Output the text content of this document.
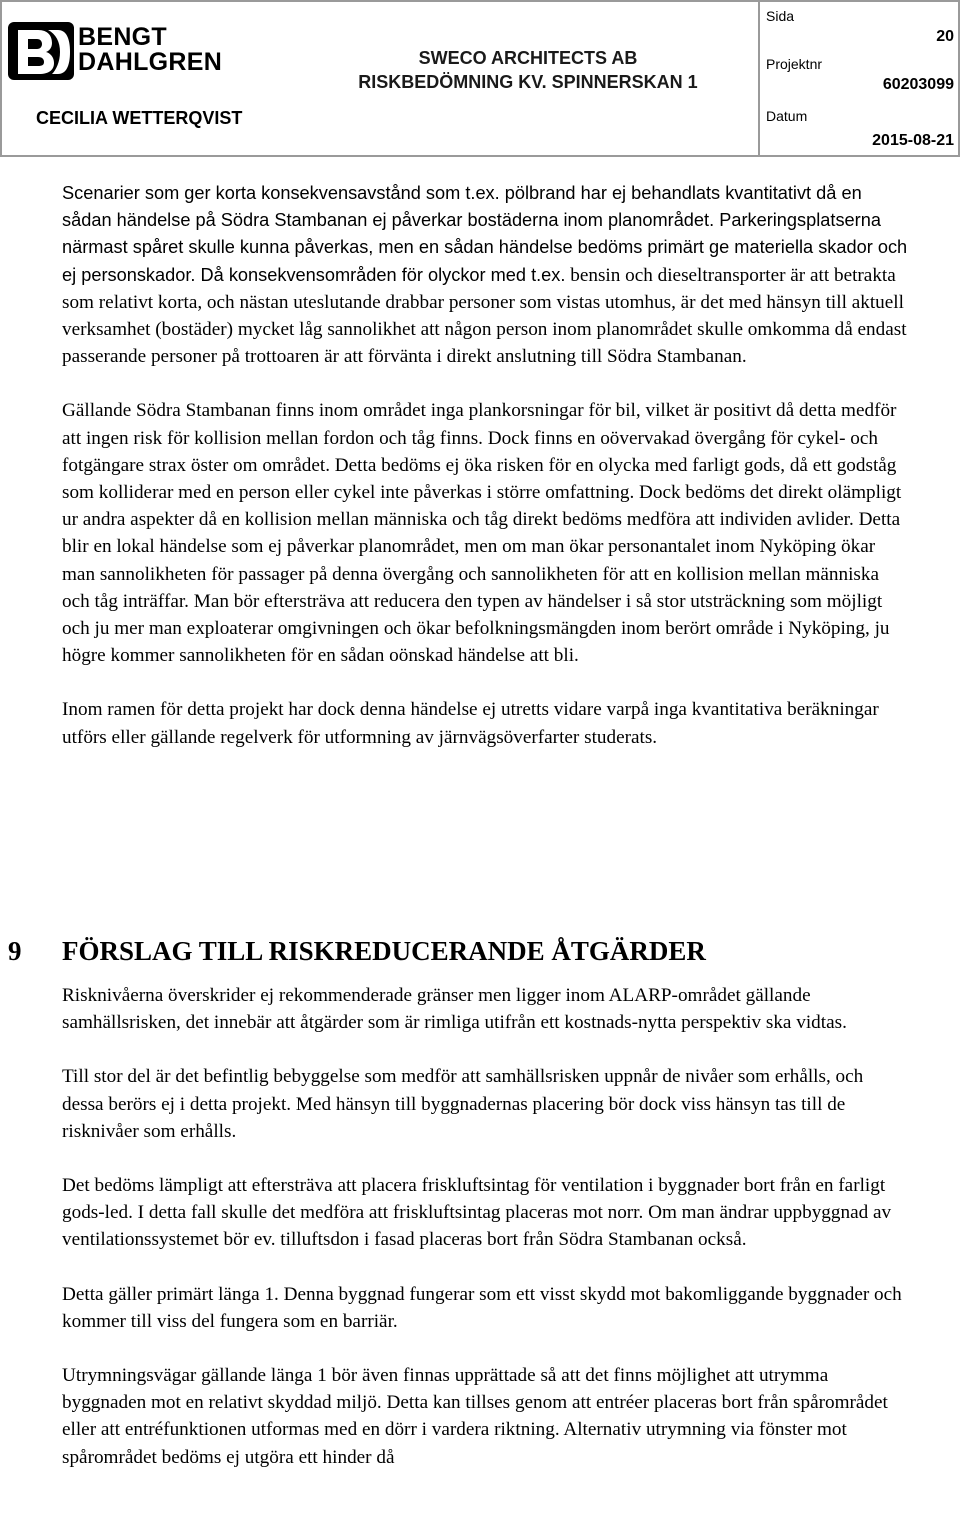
BENGT
DAHLGREN
CECILIA WETTERQVIST
SWECO ARCHITECTS AB
RISKBEDÖMNING KV. SPINNERSKAN 1
Sida
20
Projektnr
60203099
Datum
2015-08-21

Scenarier som ger korta konsekvensavstånd som t.ex. pölbrand har ej behandlats kvantitativt då en sådan händelse på Södra Stambanan ej påverkar bostäderna inom planområdet. Parkeringsplatserna närmast spåret skulle kunna påverkas, men en sådan händelse bedöms primärt ge materiella skador och ej personskador. Då konsekvensområden för olyckor med t.ex. bensin och dieseltransporter är att betrakta som relativt korta, och nästan uteslutande drabbar personer som vistas utomhus, är det med hänsyn till aktuell verksamhet (bostäder) mycket låg sannolikhet att någon person inom planområdet skulle omkomma då endast passerande personer på trottoaren är att förvänta i direkt anslutning till Södra Stambanan.

Gällande Södra Stambanan finns inom området inga plankorsningar för bil, vilket är positivt då detta medför att ingen risk för kollision mellan fordon och tåg finns. Dock finns en oövervakad övergång för cykel- och fotgängare strax öster om området. Detta bedöms ej öka risken för en olycka med farligt gods, då ett godståg som kolliderar med en person eller cykel inte påverkas i större omfattning. Dock bedöms det direkt olämpligt ur andra aspekter då en kollision mellan människa och tåg direkt bedöms medföra att individen avlider. Detta blir en lokal händelse som ej påverkar planområdet, men om man ökar personantalet inom Nyköping ökar man sannolikheten för passager på denna övergång och sannolikheten för att en kollision mellan människa och tåg inträffar. Man bör eftersträva att reducera den typen av händelser i så stor utsträckning som möjligt och ju mer man exploaterar omgivningen och ökar befolkningsmängden inom berört område i Nyköping, ju högre kommer sannolikheten för en sådan oönskad händelse att bli.

Inom ramen för detta projekt har dock denna händelse ej utretts vidare varpå inga kvantitativa beräkningar utförs eller gällande regelverk för utformning av järnvägsöverfarter studerats.

9 FÖRSLAG TILL RISKREDUCERANDE ÅTGÄRDER

Risknivåerna överskrider ej rekommenderade gränser men ligger inom ALARP-området gällande samhällsrisken, det innebär att åtgärder som är rimliga utifrån ett kostnads-nytta perspektiv ska vidtas.

Till stor del är det befintlig bebyggelse som medför att samhällsrisken uppnår de nivåer som erhålls, och dessa berörs ej i detta projekt. Med hänsyn till byggnadernas placering bör dock viss hänsyn tas till de risknivåer som erhålls.

Det bedöms lämpligt att eftersträva att placera friskluftsintag för ventilation i byggnader bort från en farligt gods-led. I detta fall skulle det medföra att friskluftsintag placeras mot norr. Om man ändrar uppbyggnad av ventilationssystemet bör ev. tilluftsdon i fasad placeras bort från Södra Stambanan också.

Detta gäller primärt länga 1. Denna byggnad fungerar som ett visst skydd mot bakomliggande byggnader och kommer till viss del fungera som en barriär.

Utrymningsvägar gällande länga 1 bör även finnas upprättade så att det finns möjlighet att utrymma byggnaden mot en relativt skyddad miljö. Detta kan tillses genom att entréer placeras bort från spårområdet eller att entréfunktionen utformas med en dörr i vardera riktning. Alternativ utrymning via fönster mot spårområdet bedöms ej utgöra ett hinder då
